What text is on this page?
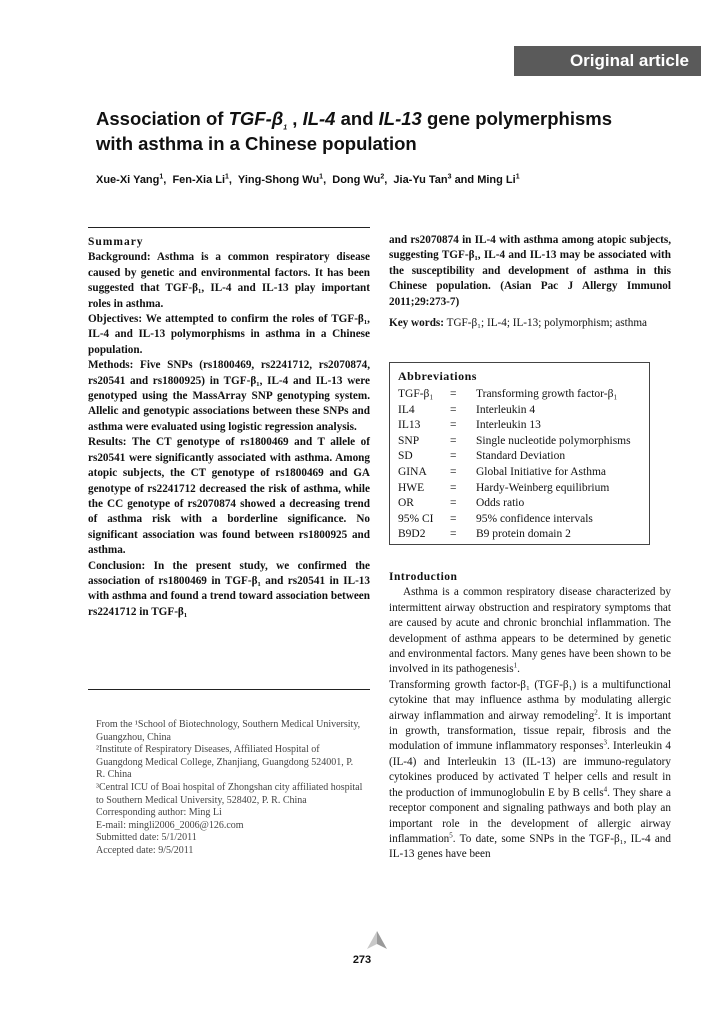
Original article
Association of TGF-$\beta_1$ , IL-4 and IL-13 gene polymerphisms
with asthma in a Chinese population
Xue-Xi Yang$^1$,  Fen-Xia Li$^1$,  Ying-Shong Wu$^1$,  Dong Wu$^2$,  Jia-Yu Tan$^3$ and Ming Li$^1$

Summary

Background: Asthma is a common respiratory disease caused by genetic and environmental factors. It has been suggested that TGF-β₁, IL-4 and IL-13 play important roles in asthma.

Objectives: We attempted to confirm the roles of TGF-β₁, IL-4 and IL-13 polymorphisms in asthma in a Chinese population.

Methods: Five SNPs (rs1800469, rs2241712, rs2070874, rs20541 and rs1800925) in TGF-β₁, IL-4 and IL-13 were genotyped using the MassArray SNP genotyping system. Allelic and genotypic associations between these SNPs and asthma were evaluated using logistic regression analysis.

Results: The CT genotype of rs1800469 and T allele of rs20541 were significantly associated with asthma. Among atopic subjects, the CT genotype of rs1800469 and GA genotype of rs2241712 decreased the risk of asthma, while the CC genotype of rs2070874 showed a decreasing trend of asthma risk with a borderline significance. No significant association was found between rs1800925 and asthma.

Conclusion: In the present study, we confirmed the association of rs1800469 in TGF-β₁ and rs20541 in IL-13 with asthma and found a trend toward association between rs2241712 in TGF-β₁

and rs2070874 in IL-4 with asthma among atopic subjects, suggesting TGF-β₁, IL-4 and IL-13 may be associated with the susceptibility and development of asthma in this Chinese population. (Asian Pac J Allergy Immunol 2011;29:273-7)

Key words: TGF-β₁; IL-4; IL-13; polymorphism; asthma

Abbreviations
TGF-β₁	=	Transforming growth factor-β₁
IL4	=	Interleukin 4
IL13	=	Interleukin 13
SNP	=	Single nucleotide polymorphisms
SD	=	Standard Deviation
GINA	=	Global Initiative for Asthma
HWE	=	Hardy-Weinberg equilibrium
OR	=	Odds ratio
95% CI	=	95% confidence intervals
B9D2	=	B9 protein domain 2

Introduction

Asthma is a common respiratory disease characterized by intermittent airway obstruction and respiratory symptoms that are caused by acute and chronic bronchial inflammation. The development of asthma appears to be determined by genetic and environmental factors. Many genes have been shown to be involved in its pathogenesis$^1$.

Transforming growth factor-β₁ (TGF-β₁) is a multifunctional cytokine that may influence asthma by modulating allergic airway inflammation and airway remodeling$^2$. It is important in growth, transformation, tissue repair, fibrosis and the modulation of immune inflammatory responses$^3$. Interleukin 4 (IL-4) and Interleukin 13 (IL-13) are immuno-regulatory cytokines produced by activated T helper cells and result in the production of immunoglobulin E by B cells$^4$. They share a receptor component and signaling pathways and both play an important role in the development of allergic airway inflammation$^5$. To date, some SNPs in the TGF-β₁, IL-4 and IL-13 genes have been

From the ¹School of Biotechnology, Southern Medical University, Guangzhou, China

²Institute of Respiratory Diseases, Affiliated Hospital of Guangdong Medical College, Zhanjiang, Guangdong 524001, P. R. China

³Central ICU of Boai hospital of Zhongshan city affiliated hospital to Southern Medical University, 528402, P. R. China

Corresponding author: Ming Li

E-mail: mingli2006_2006@126.com

Submitted date: 5/1/2011

Accepted date: 9/5/2011

273
